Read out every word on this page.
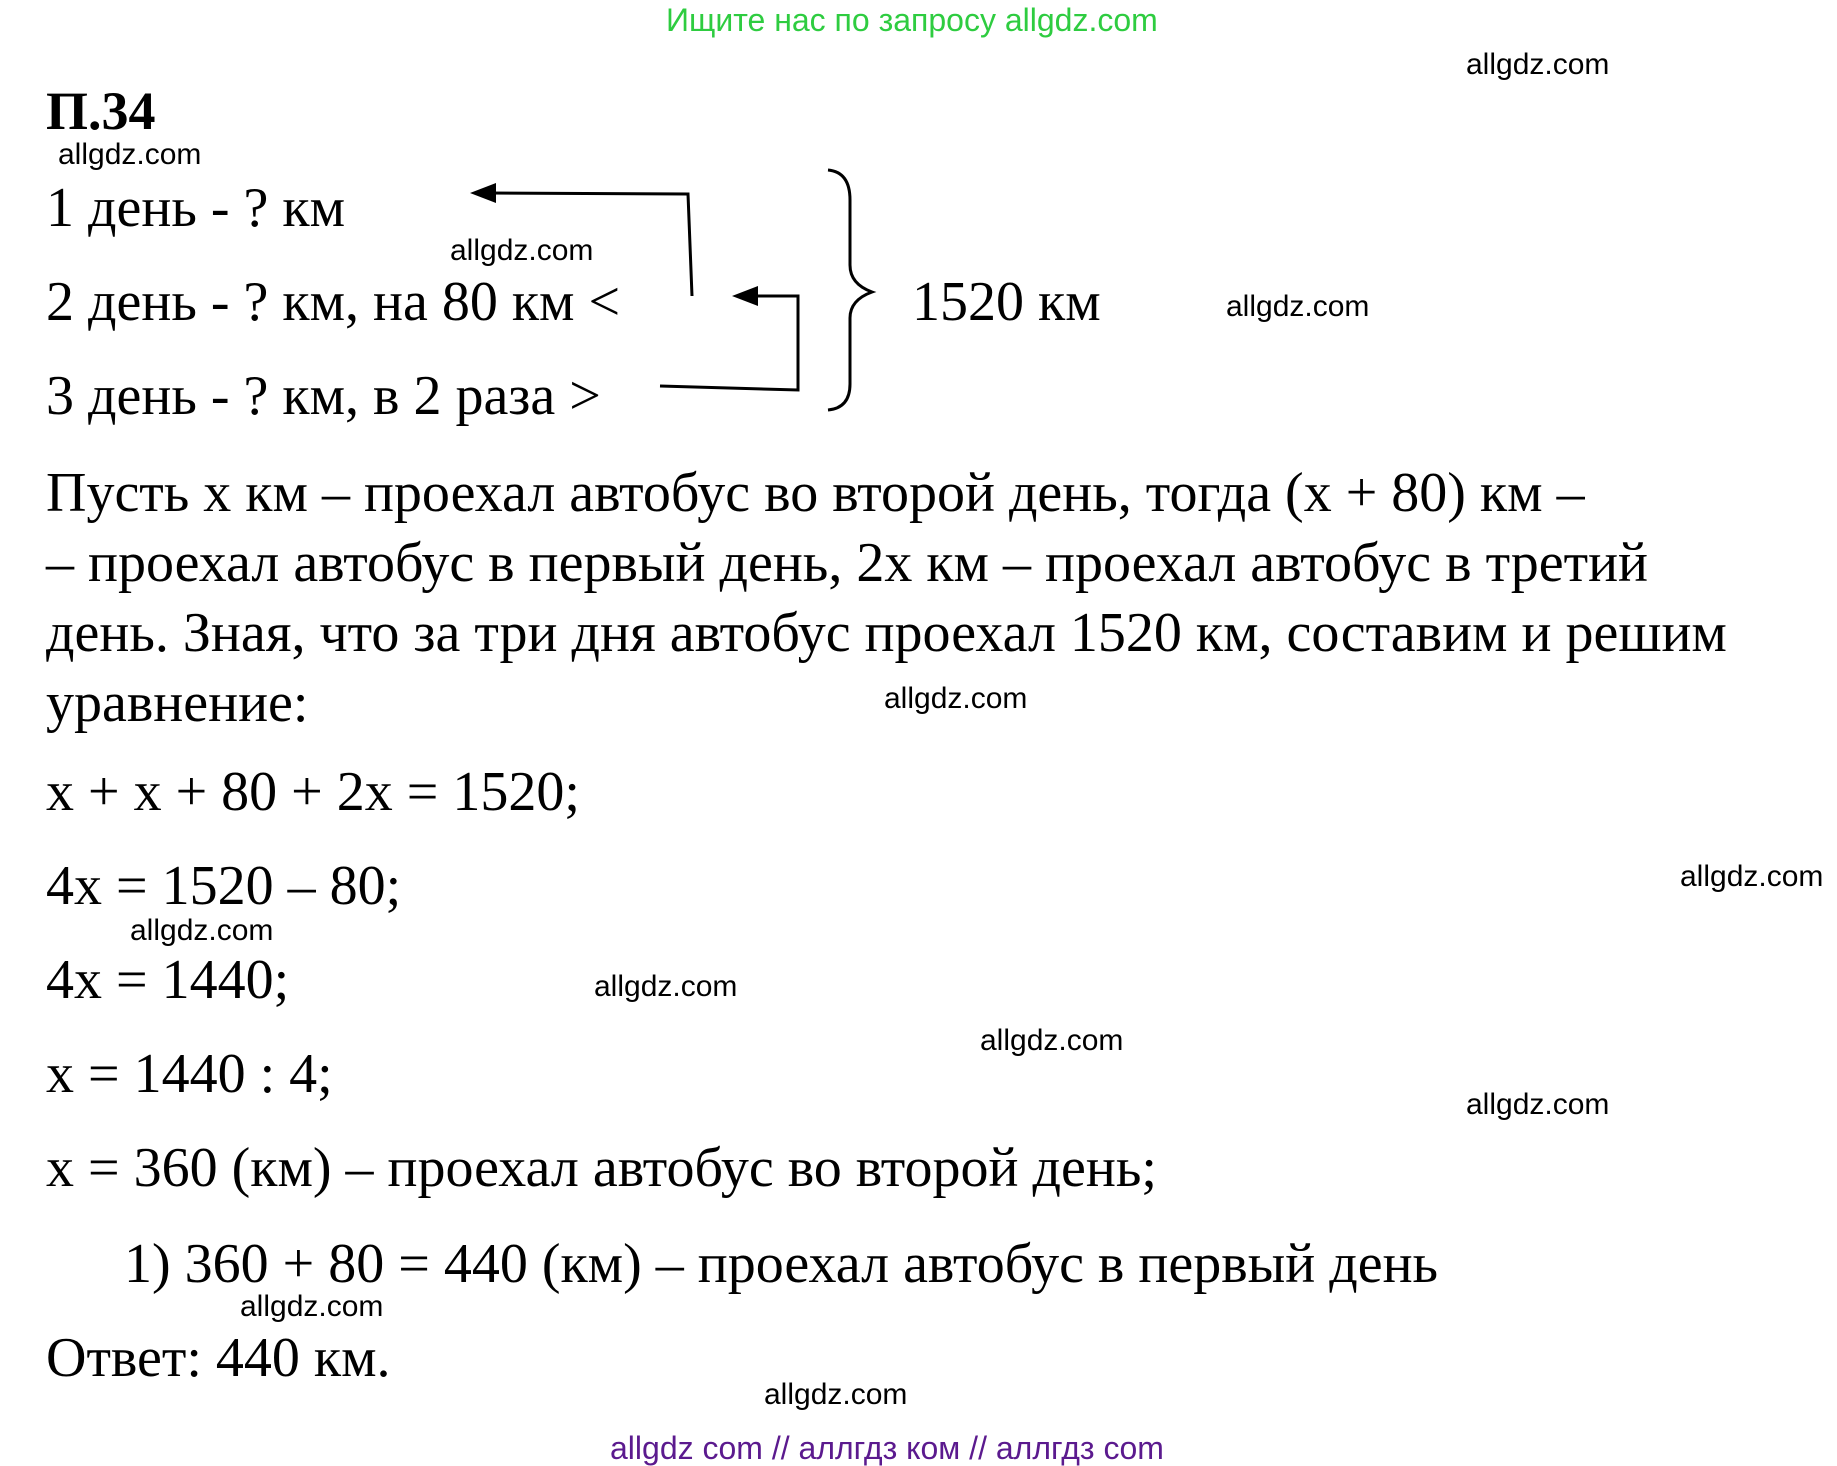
Ищите нас по запросу allgdz.com
П.34
1 день - ? км
2 день - ? км, на 80 км <
3 день - ? км, в 2 раза >
1520 км
Пусть х км – проехал автобус во второй день, тогда (х + 80) км –
– проехал автобус в первый день, 2х км – проехал автобус в третий
день. Зная, что за три дня автобус проехал 1520 км, составим и решим
уравнение:
х + х + 80 + 2х = 1520;
4х = 1520 – 80;
4х = 1440;
х = 1440 : 4;
х = 360 (км) – проехал автобус во второй день;
1) 360 + 80 = 440 (км) – проехал автобус в первый день
Ответ: 440 км.
allgdz.com
allgdz.com
allgdz.com
allgdz.com
allgdz.com
allgdz.com
allgdz.com
allgdz.com
allgdz.com
allgdz.com
allgdz.com
allgdz.com
allgdz com // аллгдз ком // аллгдз com
